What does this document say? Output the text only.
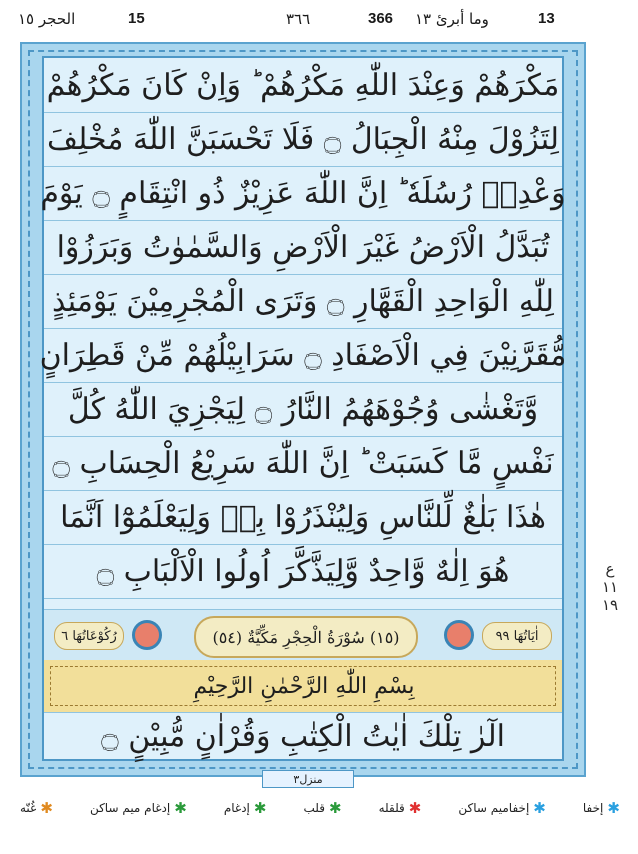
الحجر ١٥	15	٣٦٦	366 وما أبرئ ١٣	13
مَكْرَهُمْ وَعِنْدَ اللّٰهِ مَكْرُهُمْ ؕ وَاِنْ كَانَ مَكْرُهُمْ
لِتَزُوْلَ مِنْهُ الْجِبَالُ ۝ فَلَا تَحْسَبَنَّ اللّٰهَ مُخْلِفَ
وَعْدِهٖ رُسُلَهٗ ؕ اِنَّ اللّٰهَ عَزِيْزٌ ذُو انْتِقَامٍ ۝ يَوْمَ
تُبَدَّلُ الْاَرْضُ غَيْرَ الْاَرْضِ وَالسَّمٰوٰتُ وَبَرَزُوْا
لِلّٰهِ الْوَاحِدِ الْقَهَّارِ ۝ وَتَرَى الْمُجْرِمِيْنَ يَوْمَئِذٍ
مُّقَرَّنِيْنَ فِي الْاَصْفَادِ ۝ سَرَابِيْلُهُمْ مِّنْ قَطِرَانٍ
وَّتَغْشٰى وُجُوْهَهُمُ النَّارُ ۝ لِيَجْزِيَ اللّٰهُ كُلَّ
نَفْسٍ مَّا كَسَبَتْ ؕ اِنَّ اللّٰهَ سَرِيْعُ الْحِسَابِ ۝
هٰذَا بَلٰغٌ لِّلنَّاسِ وَلِيُنْذَرُوْا بِهٖ وَلِيَعْلَمُوْٓا اَنَّمَا
هُوَ اِلٰهٌ وَّاحِدٌ وَّلِيَذَّكَّرَ اُولُوا الْاَلْبَابِ ۝
رُكُوْعَاتُهَا ٦	(١٥) سُوْرَةُ الْحِجْرِ مَكِّيَّةٌ (٥٤)	اٰيَاتُهَا ٩٩
بِسْمِ اللّٰهِ الرَّحْمٰنِ الرَّحِيْمِ
الٓرٰ تِلْكَ اٰيٰتُ الْكِتٰبِ وَقُرْاٰنٍ مُّبِيْنٍ ۝
ع
١١
١٩
منزل٣
✱
إخفا
✱
إخفاميم ساكن
✱
قلقله
✱
قلب
✱
إدغام
✱
إدغام ميم ساكن
✱
غُنّه
